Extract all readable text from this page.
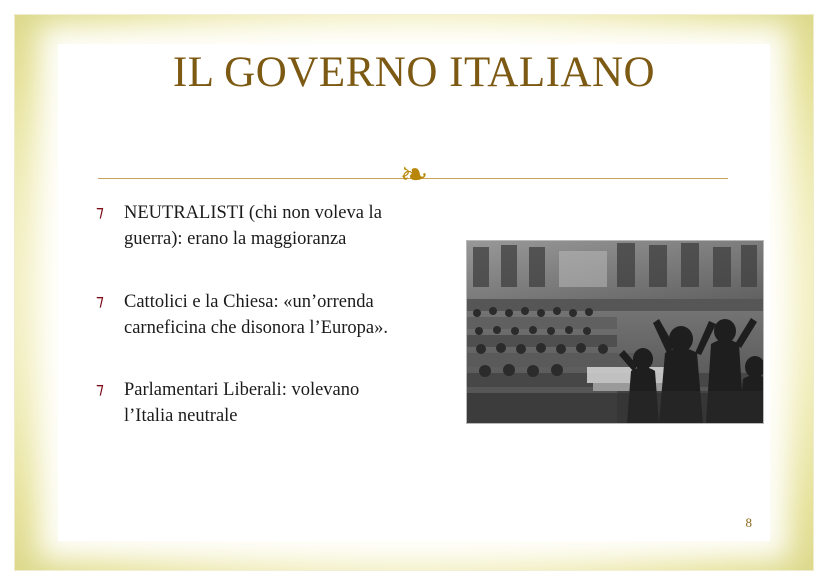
IL GOVERNO ITALIANO
❧
⁊ NEUTRALISTI (chi non voleva la guerra): erano la maggioranza
⁊ Cattolici e la Chiesa: «un’orrenda carneficina che disonora l’Europa».
⁊ Parlamentari Liberali: volevano l’Italia neutrale
8
